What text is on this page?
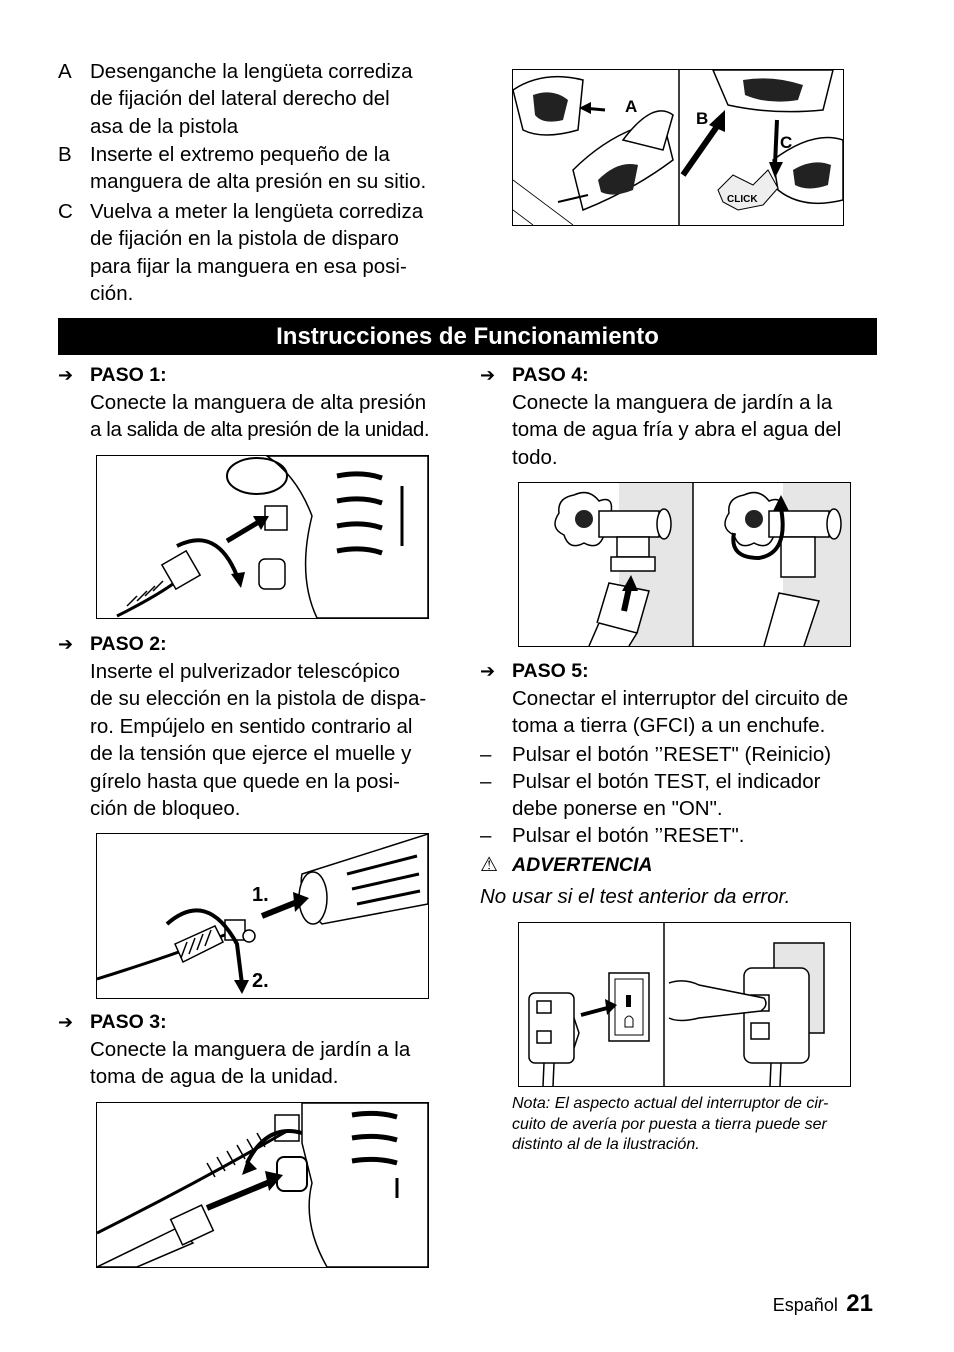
A Desenganche la lengüeta corrediza
de fijación del lateral derecho del
asa de la pistola
B Inserte el extremo pequeño de la
manguera de alta presión en su sitio.
C Vuelva a meter la lengüeta corrediza
de fijación en la pistola de disparo
para fijar la manguera en esa posi-
ción.
A
B
C
CLICK
Instrucciones de Funcionamiento
➔ PASO 1:
Conecte la manguera de alta presión
a la salida de alta presión de la unidad.
➔ PASO 2:
Inserte el pulverizador telescópico
de su elección en la pistola de dispa-
ro. Empújelo en sentido contrario al
de la tensión que ejerce el muelle y
gírelo hasta que quede en la posi-
ción de bloqueo.
1.
2.
➔ PASO 3:
Conecte la manguera de jardín a la
toma de agua de la unidad.
➔ PASO 4:
Conecte la manguera de jardín a la
toma de agua fría y abra el agua del
todo.
➔ PASO 5:
Conectar el interruptor del circuito de
toma a tierra (GFCI) a un enchufe.
– Pulsar el botón ’’RESET" (Reinicio)
– Pulsar el botón TEST, el indicador
debe ponerse en "ON".
– Pulsar el botón ’’RESET".
⚠ ADVERTENCIA
No usar si el test anterior da error.
Nota: El aspecto actual del interruptor de cir-
cuito de avería por puesta a tierra puede ser
distinto al de la ilustración.
Español 21
